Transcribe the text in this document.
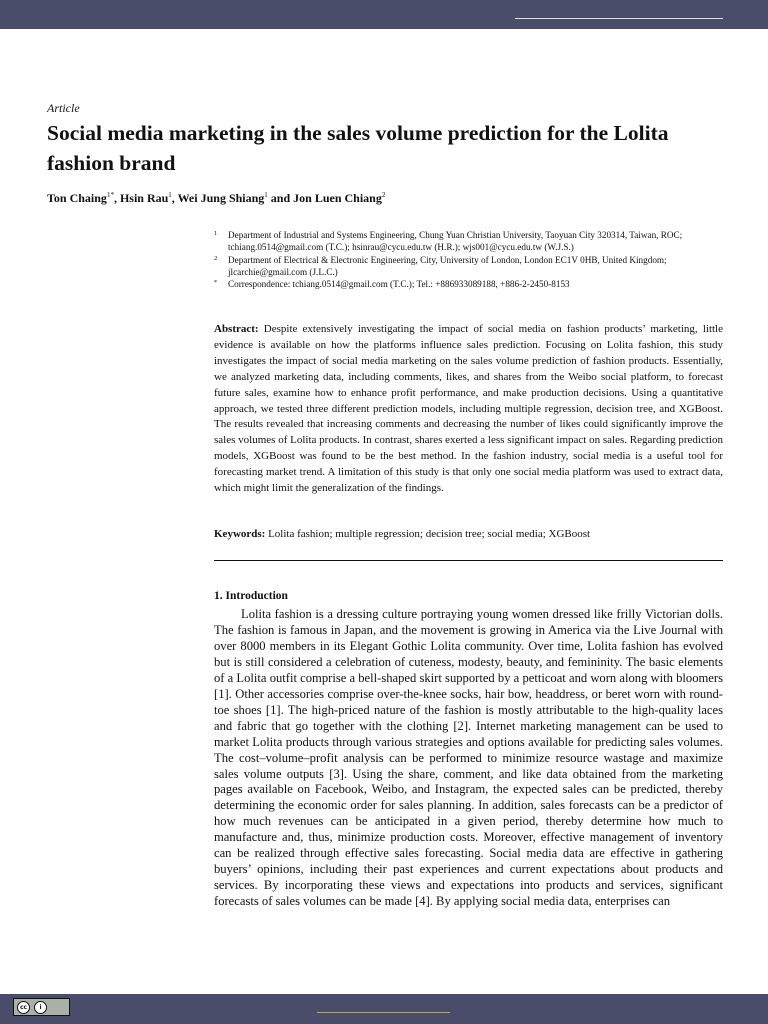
Article
Social media marketing in the sales volume prediction for the Lolita fashion brand
Ton Chaing$^{1*}$, Hsin Rau$^1$, Wei Jung Shiang$^1$ and Jon Luen Chiang$^2$
1 Department of Industrial and Systems Engineering, Chung Yuan Christian University, Taoyuan City 320314, Taiwan, ROC; tchiang.0514@gmail.com (T.C.); hsinrau@cycu.edu.tw (H.R.); wjs001@cycu.edu.tw (W.J.S.)
2 Department of Electrical & Electronic Engineering, City, University of London, London EC1V 0HB, United Kingdom; jlcarchie@gmail.com (J.L.C.)
* Correspondence: tchiang.0514@gmail.com (T.C.); Tel.: +886933089188, +886-2-2450-8153

Abstract: Despite extensively investigating the impact of social media on fashion products’ marketing, little evidence is available on how the platforms influence sales prediction. Focusing on Lolita fashion, this study investigates the impact of social media marketing on the sales volume prediction of fashion products. Essentially, we analyzed marketing data, including comments, likes, and shares from the Weibo social platform, to forecast future sales, examine how to enhance profit performance, and make production decisions. Using a quantitative approach, we tested three different prediction models, including multiple regression, decision tree, and XGBoost. The results revealed that increasing comments and decreasing the number of likes could significantly improve the sales volumes of Lolita products. In contrast, shares exerted a less significant impact on sales. Regarding prediction models, XGBoost was found to be the best method. In the fashion industry, social media is a useful tool for forecasting market trend. A limitation of this study is that only one social media platform was used to extract data, which might limit the generalization of the findings.

Keywords: Lolita fashion; multiple regression; decision tree; social media; XGBoost

1. Introduction

Lolita fashion is a dressing culture portraying young women dressed like frilly Victorian dolls. The fashion is famous in Japan, and the movement is growing in America via the Live Journal with over 8000 members in its Elegant Gothic Lolita community. Over time, Lolita fashion has evolved but is still considered a celebration of cuteness, modesty, beauty, and femininity. The basic elements of a Lolita outfit comprise a bell-shaped skirt supported by a petticoat and worn along with bloomers [1]. Other accessories comprise over-the-knee socks, hair bow, headdress, or beret worn with round-toe shoes [1]. The high-priced nature of the fashion is mostly attributable to the high-quality laces and fabric that go together with the clothing [2]. Internet marketing management can be used to market Lolita products through various strategies and options available for predicting sales volumes. The cost–volume–profit analysis can be performed to minimize resource wastage and maximize sales volume outputs [3]. Using the share, comment, and like data obtained from the marketing pages available on Facebook, Weibo, and Instagram, the expected sales can be predicted, thereby determining the economic order for sales planning. In addition, sales forecasts can be a predictor of how much revenues can be anticipated in a given period, thereby determine how much to manufacture and, thus, minimize production costs. Moreover, effective management of inventory can be realized through effective sales forecasting. Social media data are effective in gathering buyers’ opinions, including their past experiences and current expectations about products and services. By incorporating these views and expectations into products and services, significant forecasts of sales volumes can be made [4]. By applying social media data, enterprises can

cc	i
